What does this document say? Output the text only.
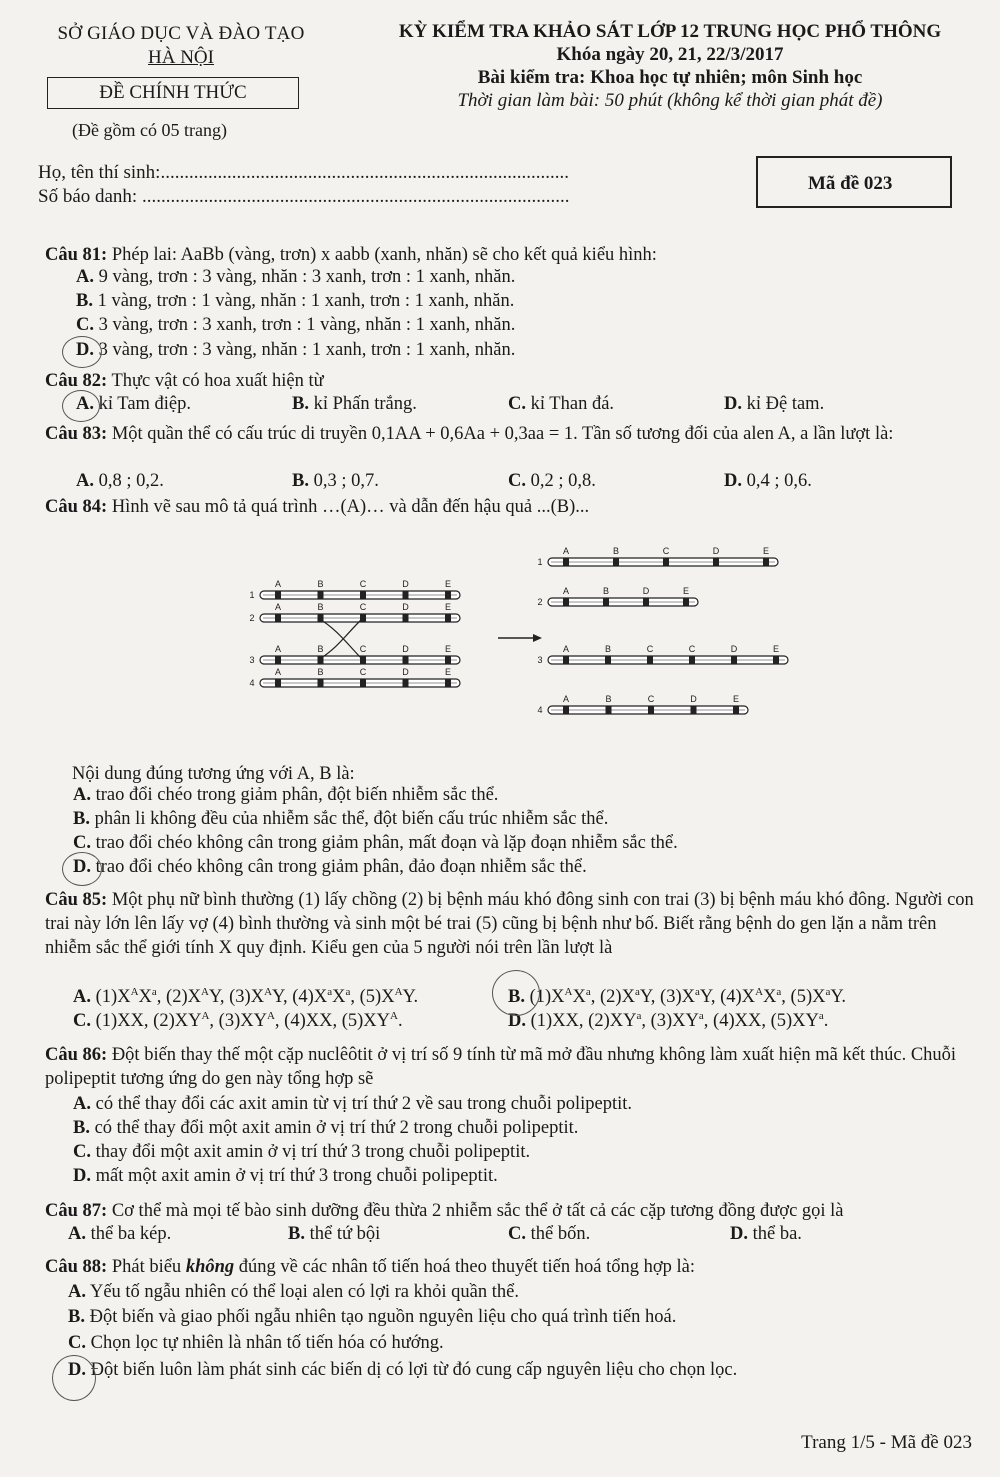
SỞ GIÁO DỤC VÀ ĐÀO TẠO
HÀ NỘI
ĐỀ CHÍNH THỨC
(Đề gồm có 05 trang)
KỲ KIỂM TRA KHẢO SÁT LỚP 12 TRUNG HỌC PHỔ THÔNG
Khóa ngày 20, 21, 22/3/2017
Bài kiểm tra: Khoa học tự nhiên; môn Sinh học
Thời gian làm bài: 50 phút (không kể thời gian phát đề)
Họ, tên thí sinh:......................................................................................
Số báo danh: ..........................................................................................
Mã đề 023
Câu 81: Phép lai: AaBb (vàng, trơn) x aabb (xanh, nhăn) sẽ cho kết quả kiểu hình:
A. 9 vàng, trơn : 3 vàng, nhăn : 3 xanh, trơn : 1 xanh, nhăn.
B. 1 vàng, trơn : 1 vàng, nhăn : 1 xanh, trơn : 1 xanh, nhăn.
C. 3 vàng, trơn : 3 xanh, trơn : 1 vàng, nhăn : 1 xanh, nhăn.
D. 3 vàng, trơn : 3 vàng, nhăn : 1 xanh, trơn : 1 xanh, nhăn.
Câu 82: Thực vật có hoa xuất hiện từ
A. kỉ Tam điệp.	B. kỉ Phấn trắng.	C. kỉ Than đá.	D. kỉ Đệ tam.
Câu 83: Một quần thể có cấu trúc di truyền 0,1AA + 0,6Aa + 0,3aa = 1. Tần số tương đối của alen A, a lần lượt là:
A. 0,8 ; 0,2.	B. 0,3 ; 0,7.	C. 0,2 ; 0,8.	D. 0,4 ; 0,6.
Câu 84: Hình vẽ sau mô tả quá trình …(A)… và dẫn đến hậu quả ...(B)...
A	B	C	D	E
1
A	B	C	D	E
2
A	B	C	D	E
3
A	B	C	D	E
4
A	B	C	D	E
1
A	B	D	E
2
A	B	C	C	D	E
3
A	B	C	D	E
4
Nội dung đúng tương ứng với A, B là:
A. trao đổi chéo trong giảm phân, đột biến nhiễm sắc thể.
B. phân li không đều của nhiễm sắc thể, đột biến cấu trúc nhiễm sắc thể.
C. trao đổi chéo không cân trong giảm phân, mất đoạn và lặp đoạn nhiễm sắc thể.
D. trao đổi chéo không cân trong giảm phân, đảo đoạn nhiễm sắc thể.
Câu 85: Một phụ nữ bình thường (1) lấy chồng (2) bị bệnh máu khó đông sinh con trai (3) bị bệnh máu khó đông. Người con trai này lớn lên lấy vợ (4) bình thường và sinh một bé trai (5) cũng bị bệnh như bố. Biết rằng bệnh do gen lặn a nằm trên nhiễm sắc thể giới tính X quy định. Kiểu gen của 5 người nói trên lần lượt là
A. $(1)X^AX^a$, $(2)X^AY$, $(3)X^AY$, $(4)X^aX^a$, $(5)X^AY$.	B. $(1)X^AX^a$, $(2)X^aY$, $(3)X^aY$, $(4)X^AX^a$, $(5)X^aY$.
C. (1)XX, $(2)XY^A$, $(3)XY^A$, (4)XX, $(5)XY^A$.	D. (1)XX, $(2)XY^a$, $(3)XY^a$, (4)XX, $(5)XY^a$.
Câu 86: Đột biến thay thế một cặp nuclêôtit ở vị trí số 9 tính từ mã mở đầu nhưng không làm xuất hiện mã kết thúc. Chuỗi polipeptit tương ứng do gen này tổng hợp sẽ
A. có thể thay đổi các axit amin từ vị trí thứ 2 về sau trong chuỗi polipeptit.
B. có thể thay đổi một axit amin ở vị trí thứ 2 trong chuỗi polipeptit.
C. thay đổi một axit amin ở vị trí thứ 3 trong chuỗi polipeptit.
D. mất một axit amin ở vị trí thứ 3 trong chuỗi polipeptit.
Câu 87: Cơ thể mà mọi tế bào sinh dưỡng đều thừa 2 nhiễm sắc thể ở tất cả các cặp tương đồng được gọi là
A. thể ba kép.	B. thể tứ bội	C. thể bốn.	D. thể ba.
Câu 88: Phát biểu không đúng về các nhân tố tiến hoá theo thuyết tiến hoá tổng hợp là:
A. Yếu tố ngẫu nhiên có thể loại alen có lợi ra khỏi quần thể.
B. Đột biến và giao phối ngẫu nhiên tạo nguồn nguyên liệu cho quá trình tiến hoá.
C. Chọn lọc tự nhiên là nhân tố tiến hóa có hướng.
D. Đột biến luôn làm phát sinh các biến dị có lợi từ đó cung cấp nguyên liệu cho chọn lọc.
Trang 1/5 - Mã đề 023
